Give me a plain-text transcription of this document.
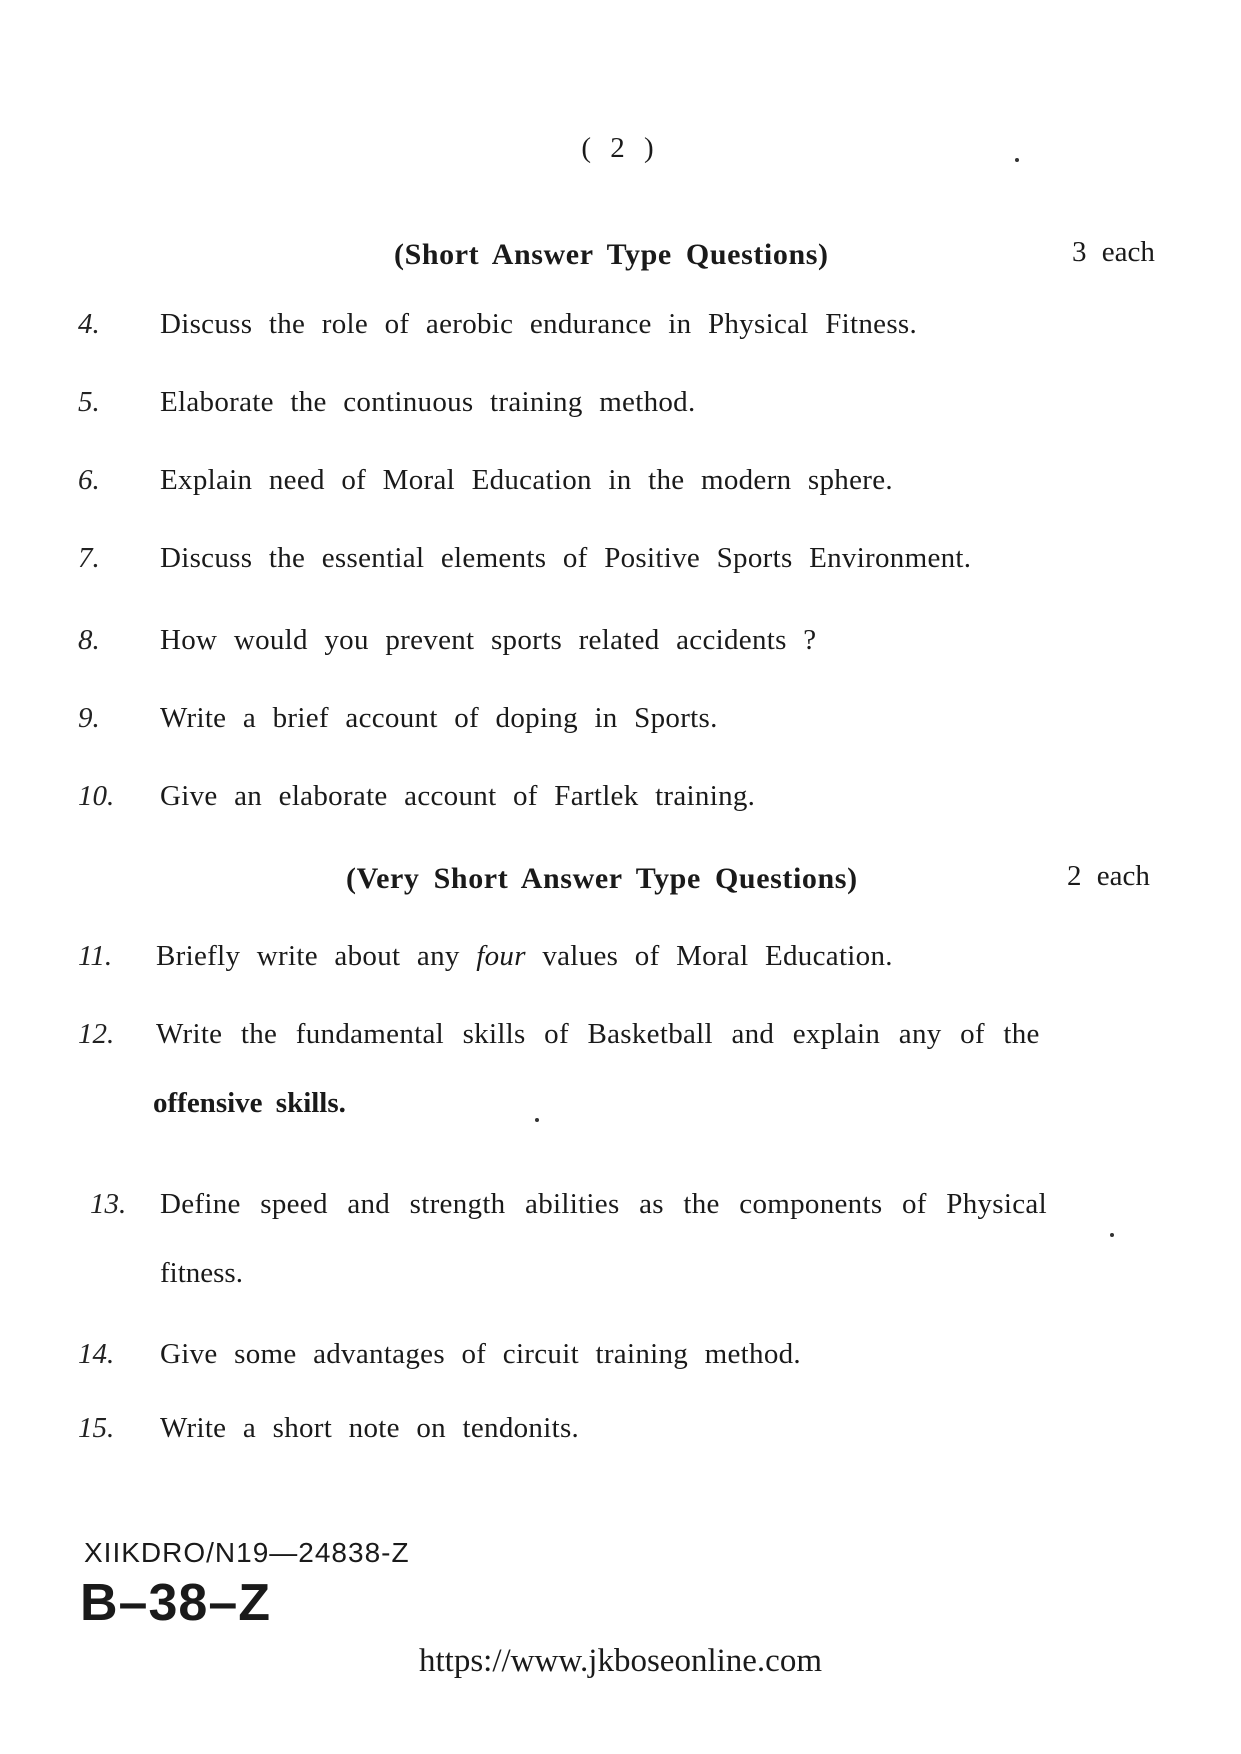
( 2 )
(Short Answer Type Questions)	3 each
4.	Discuss the role of aerobic endurance in Physical Fitness.
5.	Elaborate the continuous training method.
6.	Explain need of Moral Education in the modern sphere.
7.	Discuss the essential elements of Positive Sports Environment.
8.	How would you prevent sports related accidents ?
9.	Write a brief account of doping in Sports.
10.	Give an elaborate account of Fartlek training.
(Very Short Answer Type Questions)	2 each
11.	Briefly write about any four values of Moral Education.
12.	Write the fundamental skills of Basketball and explain any of the
offensive skills.
13.	Define speed and strength abilities as the components of Physical
fitness.
14.	Give some advantages of circuit training method.
15.	Write a short note on tendonits.
XIIKDRO/N19—24838-Z
B–38–Z
https://www.jkboseonline.com
